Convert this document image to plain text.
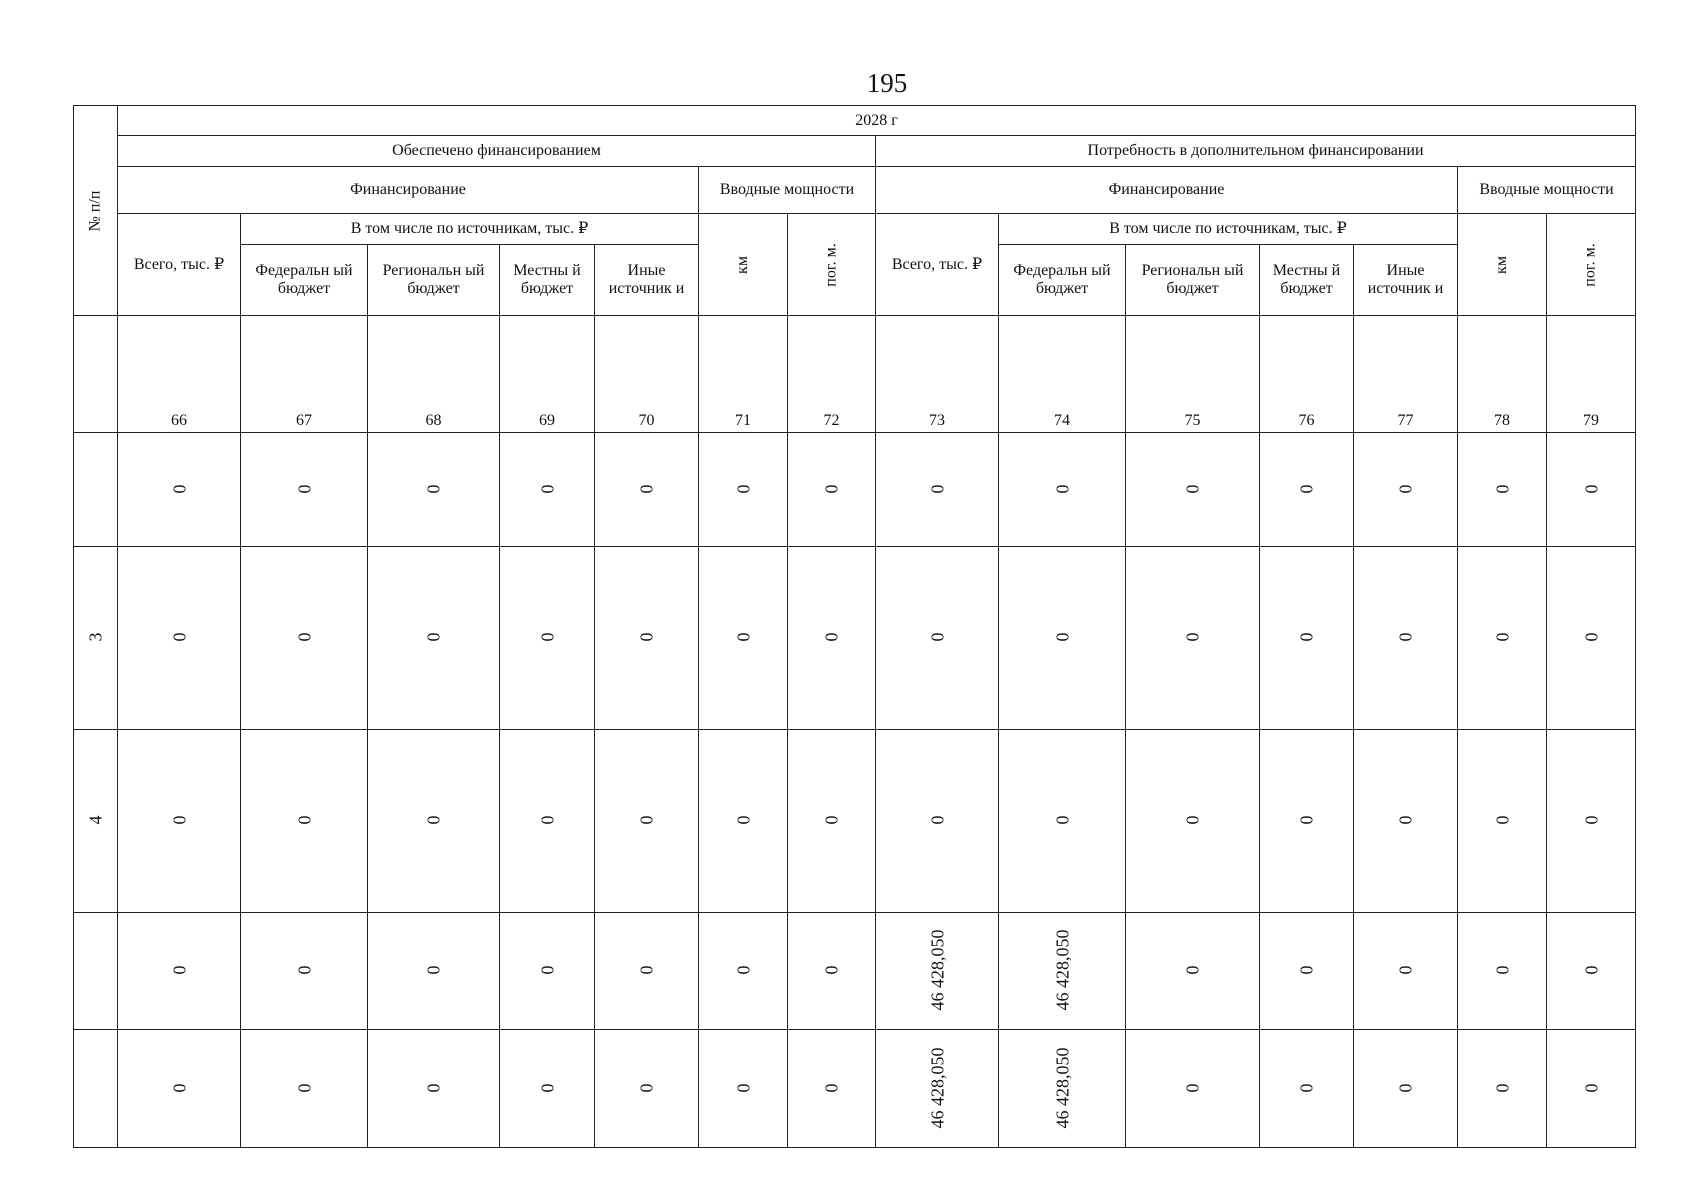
195
№ п/п	2028 г													
	Обеспечено финансированием							Потребность в дополнительном финансировании						
	Финансирование					Вводные мощности		Финансирование					Вводные мощности	
	Всего, тыс. ₽	В том числе по источникам, тыс. ₽				км	пог. м.	Всего, тыс. ₽	В том числе по источникам, тыс. ₽				км	пог. м.
		Федеральн ый бюджет	Региональн ый бюджет	Местны й бюджет	Иные источник и				Федеральн ый бюджет	Региональн ый бюджет	Местны й бюджет	Иные источник и		
	66	67	68	69	70	71	72	73	74	75	76	77	78	79
	0	0	0	0	0	0	0	0	0	0	0	0	0	0
3	0	0	0	0	0	0	0	0	0	0	0	0	0	0
4	0	0	0	0	0	0	0	0	0	0	0	0	0	0
	0	0	0	0	0	0	0	46 428,050	46 428,050	0	0	0	0	0
	0	0	0	0	0	0	0	46 428,050	46 428,050	0	0	0	0	0
